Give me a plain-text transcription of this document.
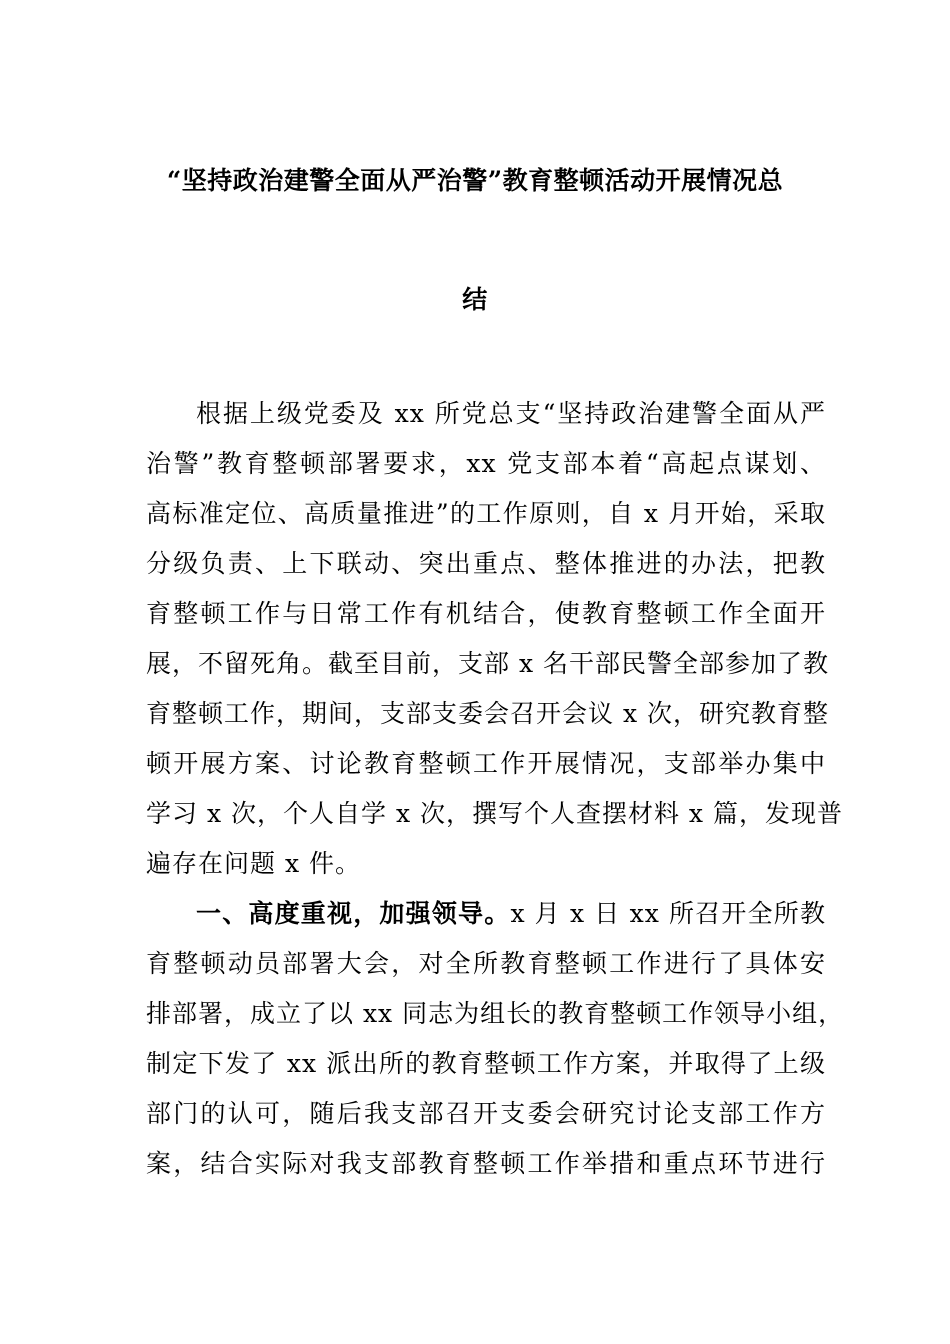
“坚持政治建警全面从严治警”教育整顿活动开展情况总
结
根据上级党委及 xx 所党总支“坚持政治建警全面从严
治警”教育整顿部署要求，xx 党支部本着“高起点谋划、
高标准定位、高质量推进”的工作原则，自 x 月开始，采取
分级负责、上下联动、突出重点、整体推进的办法，把教
育整顿工作与日常工作有机结合，使教育整顿工作全面开
展，不留死角。截至目前，支部 x 名干部民警全部参加了教
育整顿工作，期间，支部支委会召开会议 x 次，研究教育整
顿开展方案、讨论教育整顿工作开展情况，支部举办集中
学习 x 次，个人自学 x 次，撰写个人查摆材料 x 篇，发现普
遍存在问题 x 件。
一、高度重视，加强领导。x 月 x 日 xx 所召开全所教
育整顿动员部署大会，对全所教育整顿工作进行了具体安
排部署，成立了以 xx 同志为组长的教育整顿工作领导小组，
制定下发了 xx 派出所的教育整顿工作方案，并取得了上级
部门的认可，随后我支部召开支委会研究讨论支部工作方
案，结合实际对我支部教育整顿工作举措和重点环节进行
